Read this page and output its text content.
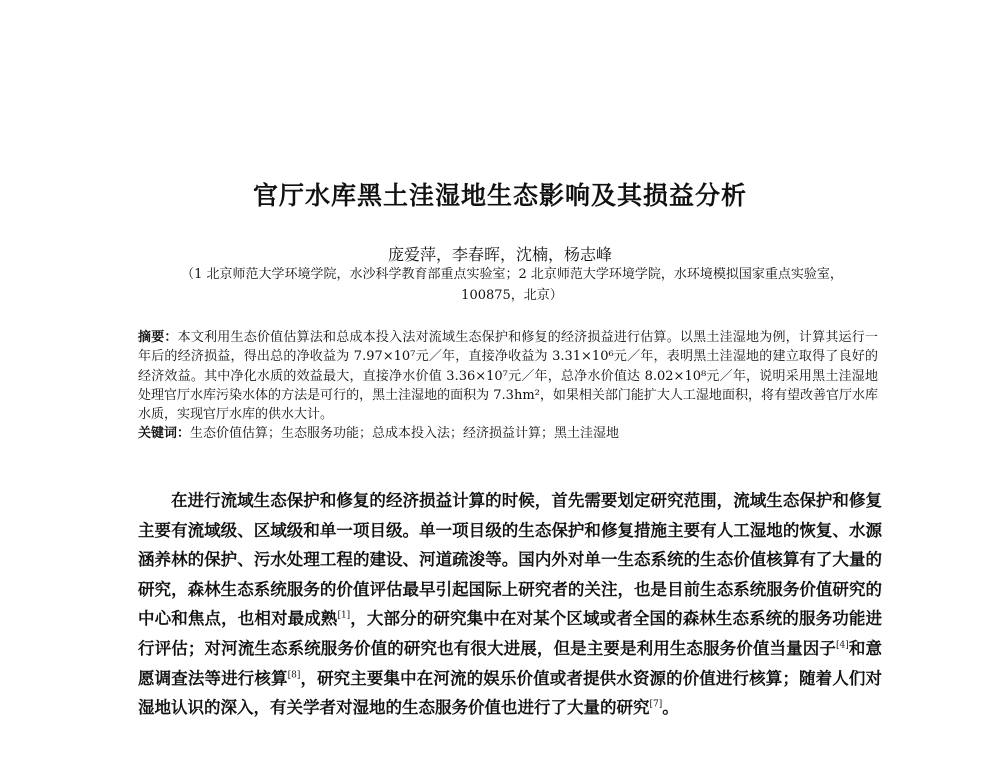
官厅水库黑土洼湿地生态影响及其损益分析
庞爱萍，李春晖，沈楠，杨志峰
（1 北京师范大学环境学院，水沙科学教育部重点实验室；2 北京师范大学环境学院，水环境模拟国家重点实验室，100875，北京）
摘要：本文利用生态价值估算法和总成本投入法对流域生态保护和修复的经济损益进行估算。以黑土洼湿地为例，计算其运行一年后的经济损益，得出总的净收益为 7.97×10⁷元／年，直接净收益为 3.31×10⁶元／年，表明黑土洼湿地的建立取得了良好的经济效益。其中净化水质的效益最大，直接净水价值 3.36×10⁷元／年，总净水价值达 8.02×10⁸元／年，说明采用黑土洼湿地处理官厅水库污染水体的方法是可行的，黑土洼湿地的面积为 7.3hm²，如果相关部门能扩大人工湿地面积，将有望改善官厅水库水质，实现官厅水库的供水大计。
关键词：生态价值估算；生态服务功能；总成本投入法；经济损益计算；黑土洼湿地

在进行流域生态保护和修复的经济损益计算的时候，首先需要划定研究范围，流域生态保护和修复主要有流域级、区域级和单一项目级。单一项目级的生态保护和修复措施主要有人工湿地的恢复、水源涵养林的保护、污水处理工程的建设、河道疏浚等。国内外对单一生态系统的生态价值核算有了大量的研究，森林生态系统服务的价值评估最早引起国际上研究者的关注，也是目前生态系统服务价值研究的中心和焦点，也相对最成熟[1]，大部分的研究集中在对某个区域或者全国的森林生态系统的服务功能进行评估；对河流生态系统服务价值的研究也有很大进展，但是主要是利用生态服务价值当量因子[4]和意愿调查法等进行核算[8]，研究主要集中在河流的娱乐价值或者提供水资源的价值进行核算；随着人们对湿地认识的深入，有关学者对湿地的生态服务价值也进行了大量的研究[7]。
